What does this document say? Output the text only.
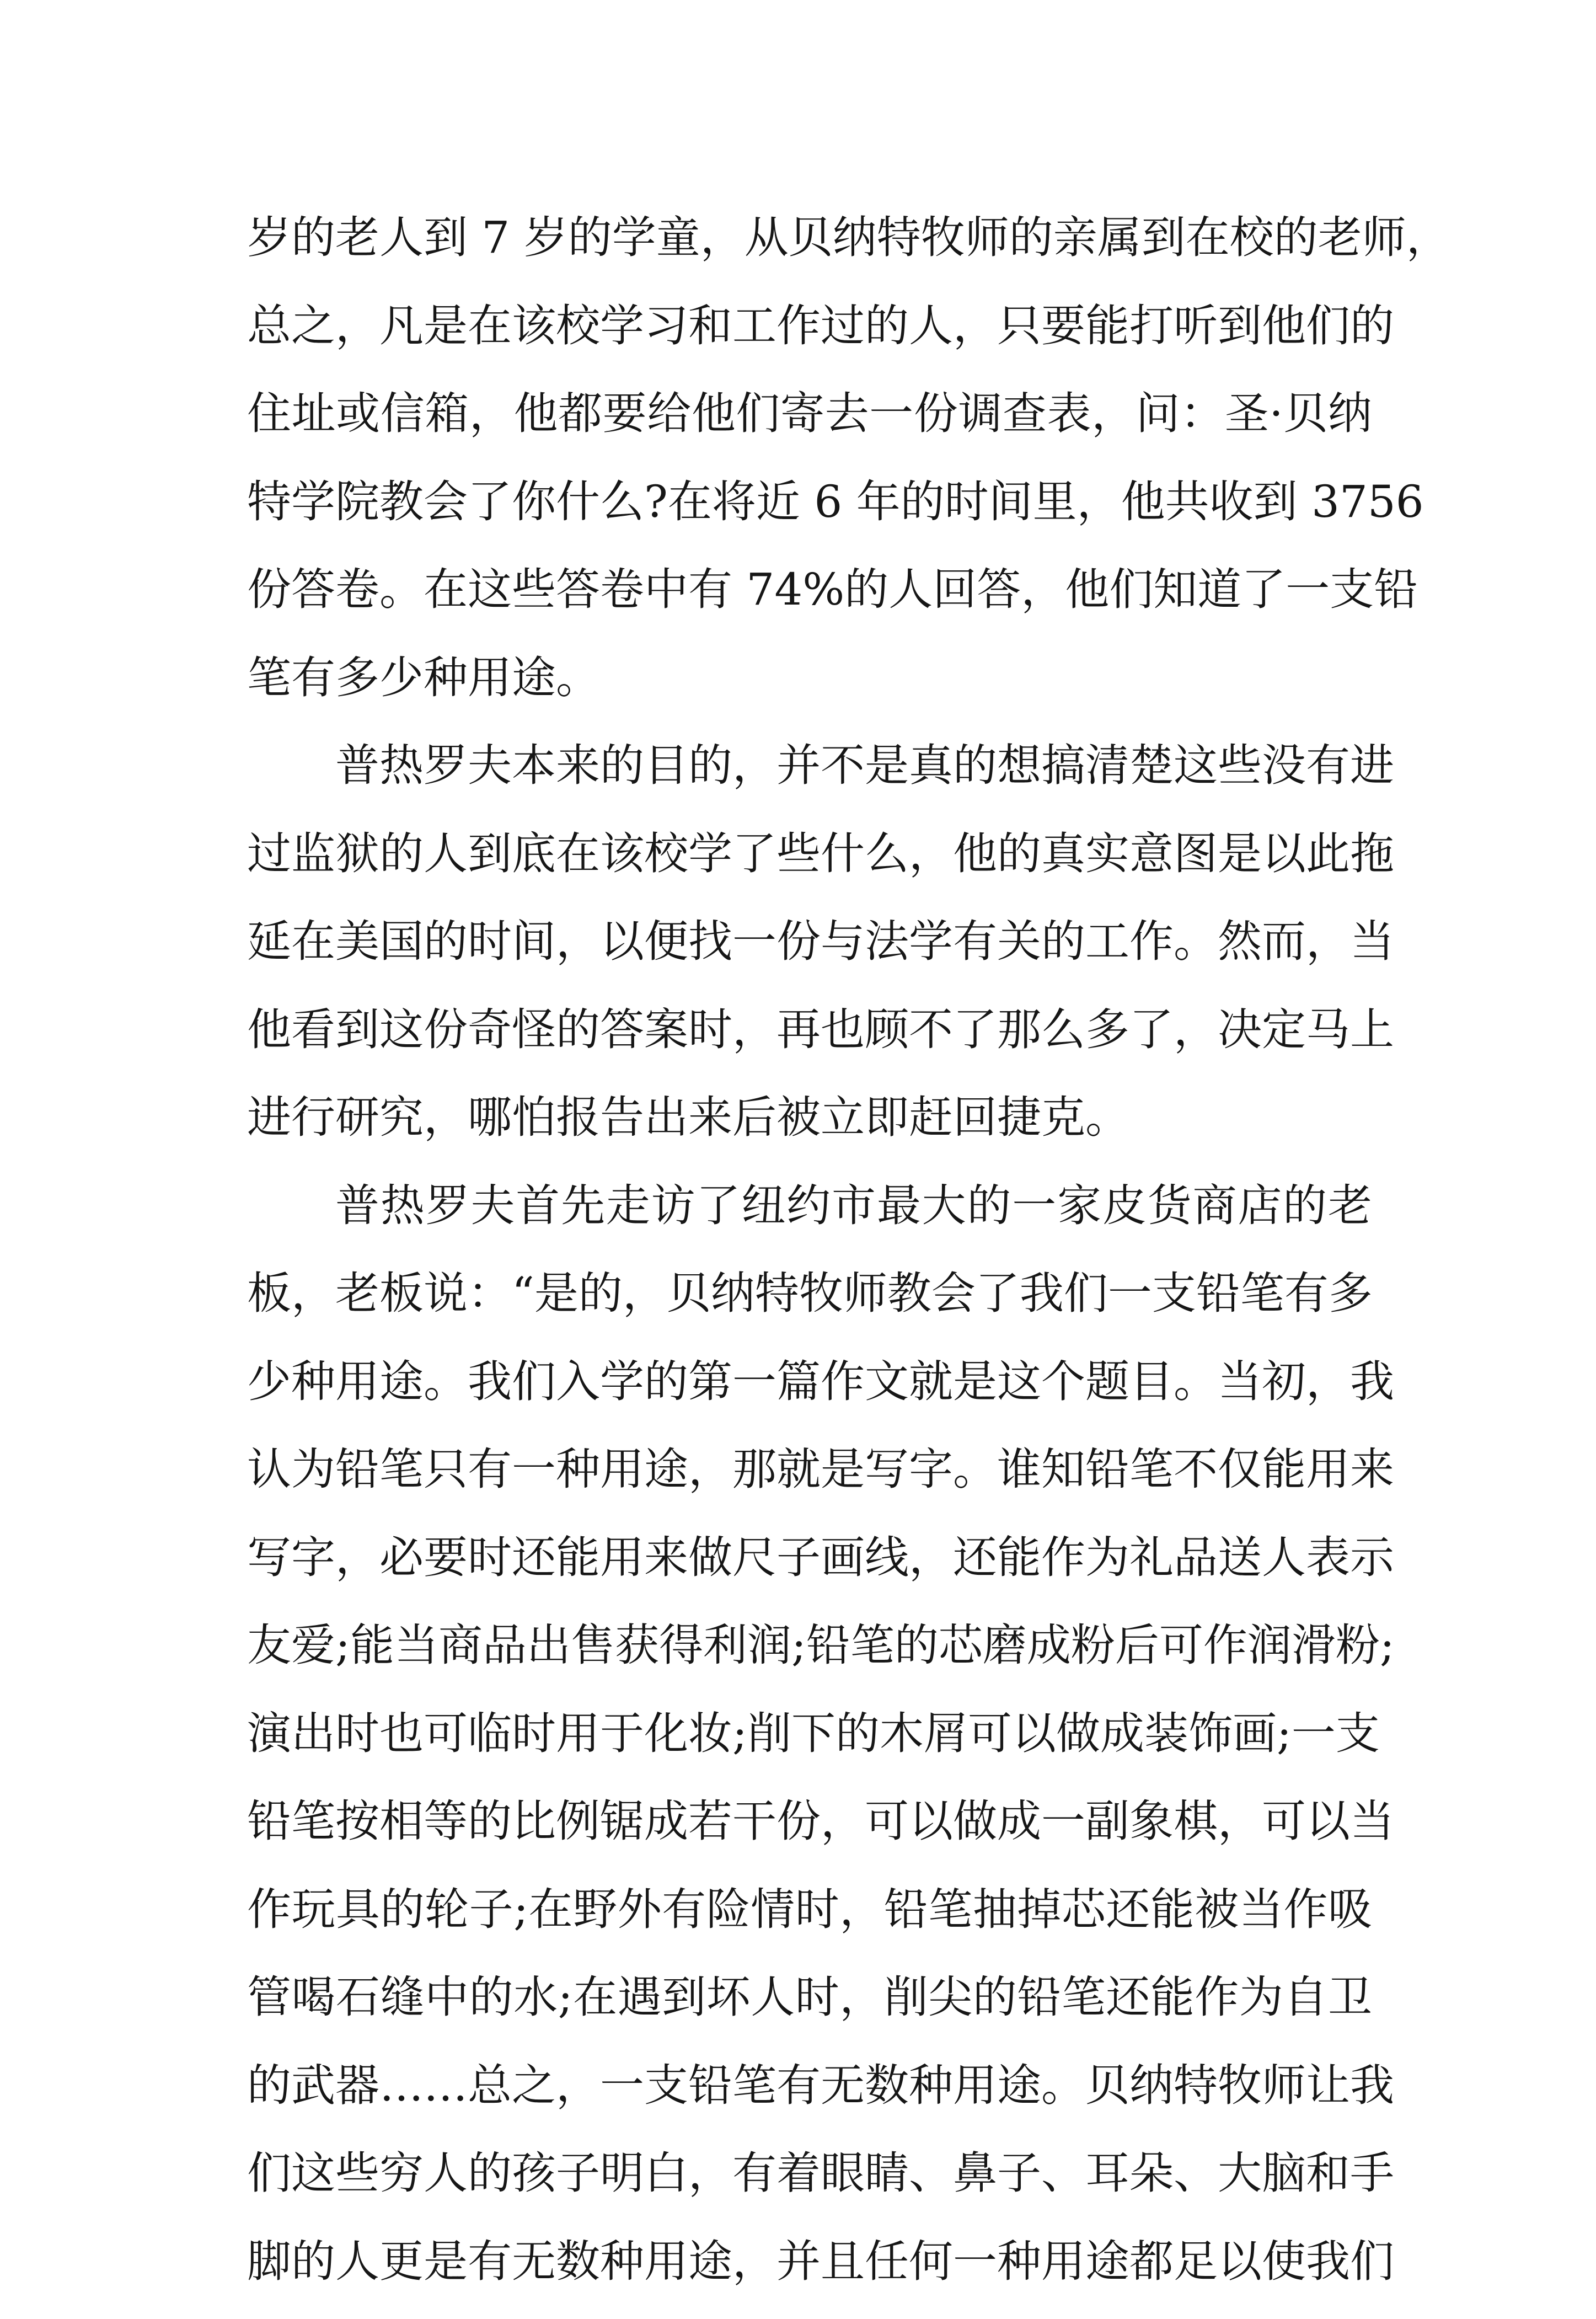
岁的老人到 7 岁的学童，从贝纳特牧师的亲属到在校的老师，
总之，凡是在该校学习和工作过的人，只要能打听到他们的
住址或信箱，他都要给他们寄去一份调查表，问：圣·贝纳
特学院教会了你什么?在将近 6 年的时间里，他共收到 3756
份答卷。在这些答卷中有 74%的人回答，他们知道了一支铅
笔有多少种用途。
普热罗夫本来的目的，并不是真的想搞清楚这些没有进
过监狱的人到底在该校学了些什么，他的真实意图是以此拖
延在美国的时间，以便找一份与法学有关的工作。然而，当
他看到这份奇怪的答案时，再也顾不了那么多了，决定马上
进行研究，哪怕报告出来后被立即赶回捷克。
普热罗夫首先走访了纽约市最大的一家皮货商店的老
板，老板说：“是的，贝纳特牧师教会了我们一支铅笔有多
少种用途。我们入学的第一篇作文就是这个题目。当初，我
认为铅笔只有一种用途，那就是写字。谁知铅笔不仅能用来
写字，必要时还能用来做尺子画线，还能作为礼品送人表示
友爱;能当商品出售获得利润;铅笔的芯磨成粉后可作润滑粉;
演出时也可临时用于化妆;削下的木屑可以做成装饰画;一支
铅笔按相等的比例锯成若干份，可以做成一副象棋，可以当
作玩具的轮子;在野外有险情时，铅笔抽掉芯还能被当作吸
管喝石缝中的水;在遇到坏人时，削尖的铅笔还能作为自卫
的武器……总之，一支铅笔有无数种用途。贝纳特牧师让我
们这些穷人的孩子明白，有着眼睛、鼻子、耳朵、大脑和手
脚的人更是有无数种用途，并且任何一种用途都足以使我们
